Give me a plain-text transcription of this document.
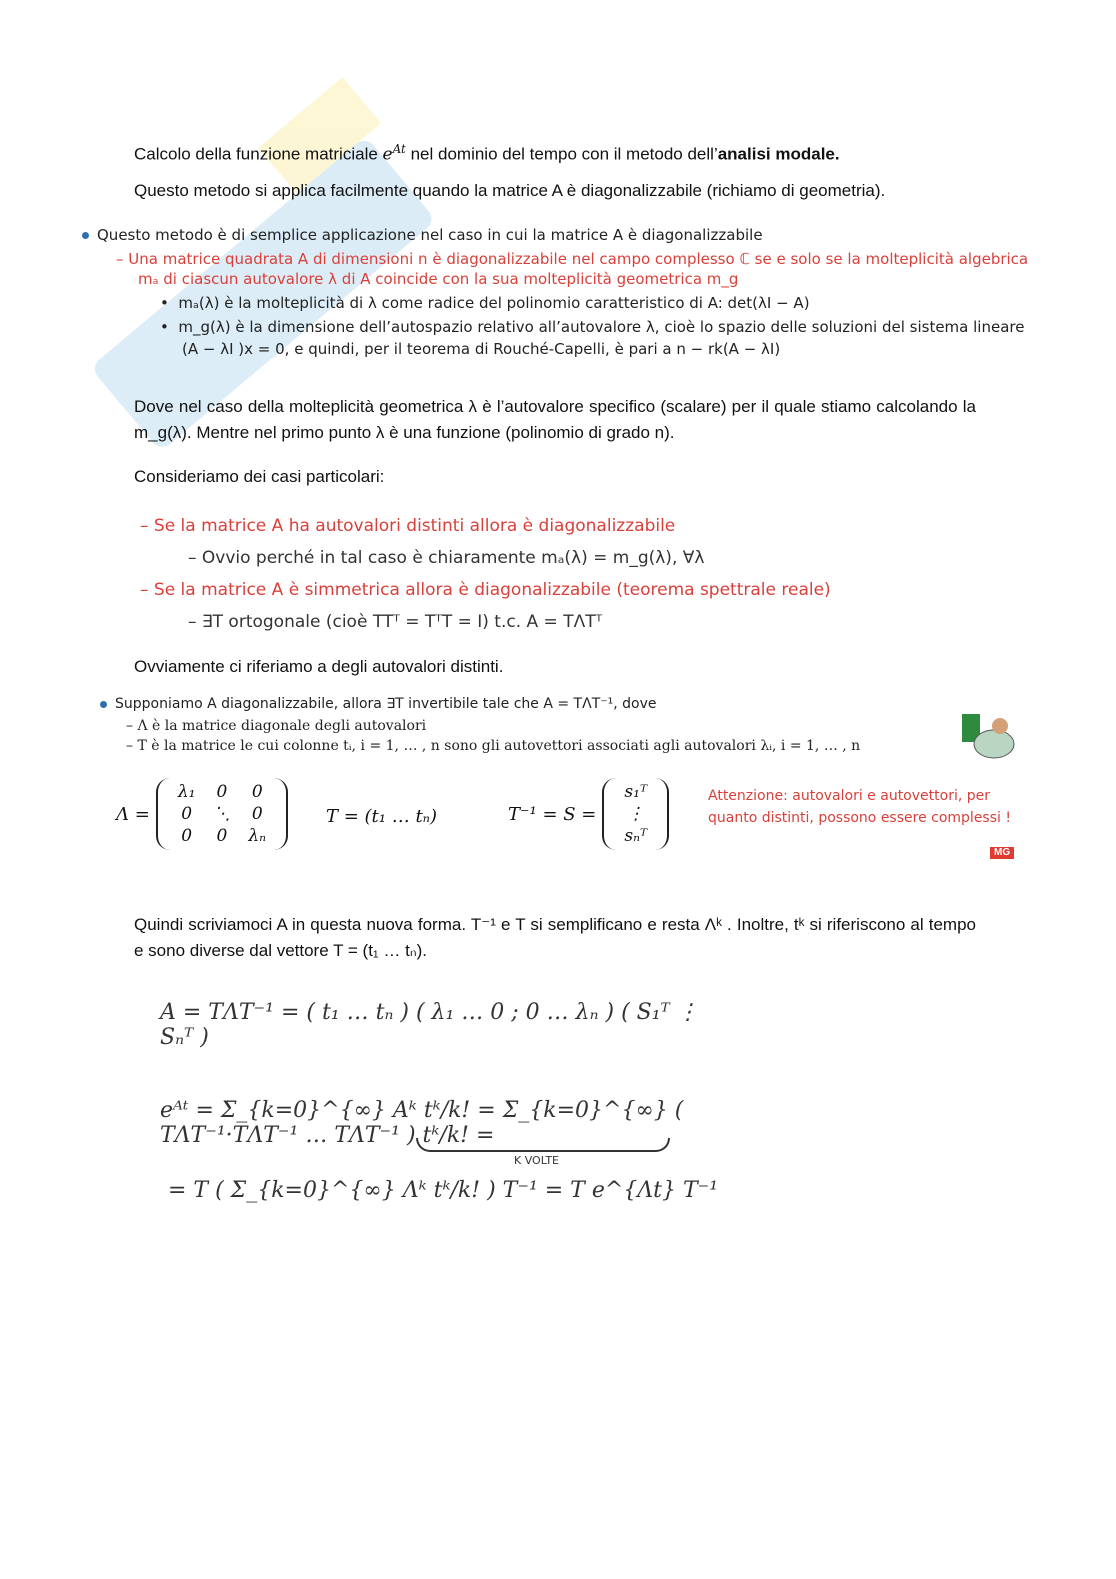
Calcolo della funzione matriciale $e^{At}$ nel dominio del tempo con il metodo dell’analisi modale.
Questo metodo si applica facilmente quando la matrice A è diagonalizzabile (richiamo di geometria).
Questo metodo è di semplice applicazione nel caso in cui la matrice A è diagonalizzabile
– Una matrice quadrata A di dimensioni n è diagonalizzabile nel campo complesso ℂ se e solo se la molteplicità algebrica
mₐ di ciascun autovalore λ di A coincide con la sua molteplicità geometrica m_g
•  mₐ(λ) è la molteplicità di λ come radice del polinomio caratteristico di A: det(λI − A)
•  m_g(λ) è la dimensione dell’autospazio relativo all’autovalore λ, cioè lo spazio delle soluzioni del sistema lineare
(A − λI )x = 0, e quindi, per il teorema di Rouché-Capelli, è pari a n − rk(A − λI)
Dove nel caso della molteplicità geometrica λ è l’autovalore specifico (scalare) per il quale stiamo calcolando la m_g(λ). Mentre nel primo punto λ è una funzione (polinomio di grado n).
Consideriamo dei casi particolari:
– Se la matrice A ha autovalori distinti allora è diagonalizzabile
– Ovvio perché in tal caso è chiaramente mₐ(λ) = m_g(λ), ∀λ
– Se la matrice A è simmetrica allora è diagonalizzabile (teorema spettrale reale)
– ∃T ortogonale (cioè TTᵀ = TᵀT = I) t.c. A = TΛTᵀ
Ovviamente ci riferiamo a degli autovalori distinti.
Supponiamo A diagonalizzabile, allora ∃T invertibile tale che A = TΛT⁻¹, dove
– Λ è la matrice diagonale degli autovalori
– T è la matrice le cui colonne tᵢ, i = 1, … , n sono gli autovettori associati agli autovalori λᵢ, i = 1, … , n
Λ =
λ₁	0	0
0	⋱	0
0	0	λₙ
T = (t₁ … tₙ)	T⁻¹ = S =
s₁ᵀ
⋮
sₙᵀ
Attenzione: autovalori e autovettori, per quanto distinti, possono essere complessi !
MG
Quindi scriviamoci A in questa nuova forma. T⁻¹ e T si semplificano e resta Λᵏ . Inoltre, tᵏ si riferiscono al tempo e sono diverse dal vettore T = (t₁ … tₙ).
A = TΛT⁻¹ = ( t₁ … tₙ ) ( λ₁ … 0 ; 0 … λₙ ) ( S₁ᵀ ⋮ Sₙᵀ )
eᴬᵗ = Σ_{k=0}^{∞} Aᵏ tᵏ/k! = Σ_{k=0}^{∞} ( TΛT⁻¹·TΛT⁻¹ … TΛT⁻¹ ) tᵏ/k! =
K VOLTE
= T ( Σ_{k=0}^{∞} Λᵏ tᵏ/k! ) T⁻¹ = T e^{Λt} T⁻¹
